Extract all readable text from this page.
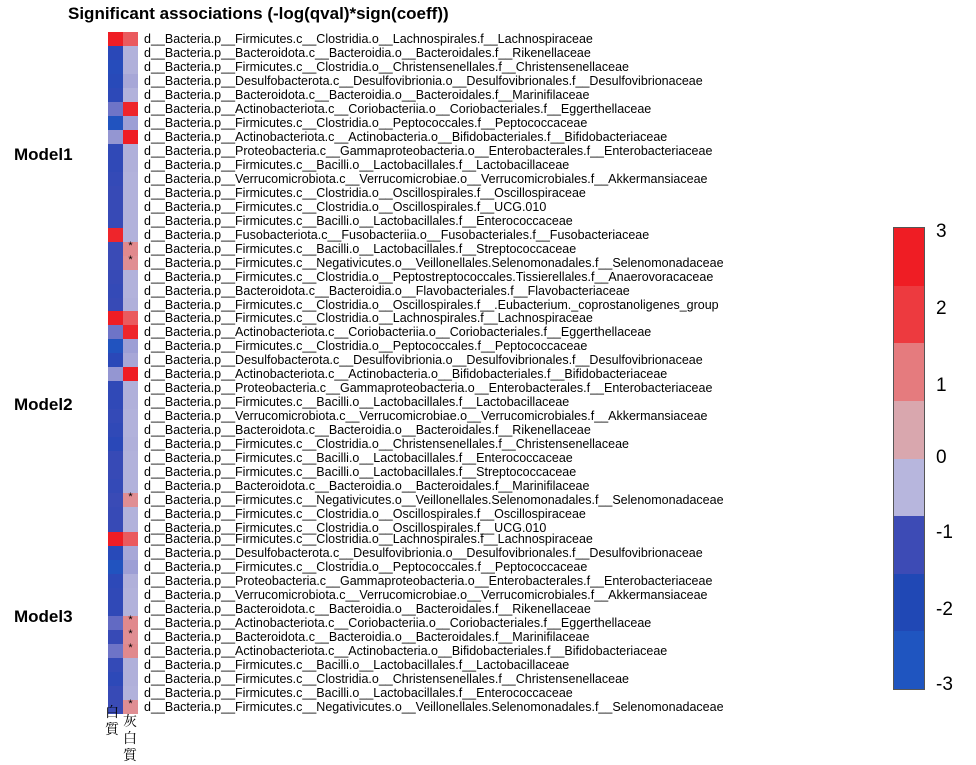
Significant associations (-log(qval)*sign(coeff))
Model1
Model2
Model3
d__Bacteria.p__Firmicutes.c__Clostridia.o__Lachnospirales.f__Lachnospiraceae
d__Bacteria.p__Bacteroidota.c__Bacteroidia.o__Bacteroidales.f__Rikenellaceae
d__Bacteria.p__Firmicutes.c__Clostridia.o__Christensenellales.f__Christensenellaceae
d__Bacteria.p__Desulfobacterota.c__Desulfovibrionia.o__Desulfovibrionales.f__Desulfovibrionaceae
d__Bacteria.p__Bacteroidota.c__Bacteroidia.o__Bacteroidales.f__Marinifilaceae
d__Bacteria.p__Actinobacteriota.c__Coriobacteriia.o__Coriobacteriales.f__Eggerthellaceae
d__Bacteria.p__Firmicutes.c__Clostridia.o__Peptococcales.f__Peptococcaceae
d__Bacteria.p__Actinobacteriota.c__Actinobacteria.o__Bifidobacteriales.f__Bifidobacteriaceae
d__Bacteria.p__Proteobacteria.c__Gammaproteobacteria.o__Enterobacterales.f__Enterobacteriaceae
d__Bacteria.p__Firmicutes.c__Bacilli.o__Lactobacillales.f__Lactobacillaceae
d__Bacteria.p__Verrucomicrobiota.c__Verrucomicrobiae.o__Verrucomicrobiales.f__Akkermansiaceae
d__Bacteria.p__Firmicutes.c__Clostridia.o__Oscillospirales.f__Oscillospiraceae
d__Bacteria.p__Firmicutes.c__Clostridia.o__Oscillospirales.f__UCG.010
d__Bacteria.p__Firmicutes.c__Bacilli.o__Lactobacillales.f__Enterococcaceae
d__Bacteria.p__Fusobacteriota.c__Fusobacteriia.o__Fusobacteriales.f__Fusobacteriaceae
*
d__Bacteria.p__Firmicutes.c__Bacilli.o__Lactobacillales.f__Streptococcaceae
*
d__Bacteria.p__Firmicutes.c__Negativicutes.o__Veillonellales.Selenomonadales.f__Selenomonadaceae
d__Bacteria.p__Firmicutes.c__Clostridia.o__Peptostreptococcales.Tissierellales.f__Anaerovoracaceae
d__Bacteria.p__Bacteroidota.c__Bacteroidia.o__Flavobacteriales.f__Flavobacteriaceae
d__Bacteria.p__Firmicutes.c__Clostridia.o__Oscillospirales.f__.Eubacterium._coprostanoligenes_group
d__Bacteria.p__Firmicutes.c__Clostridia.o__Lachnospirales.f__Lachnospiraceae
d__Bacteria.p__Actinobacteriota.c__Coriobacteriia.o__Coriobacteriales.f__Eggerthellaceae
d__Bacteria.p__Firmicutes.c__Clostridia.o__Peptococcales.f__Peptococcaceae
d__Bacteria.p__Desulfobacterota.c__Desulfovibrionia.o__Desulfovibrionales.f__Desulfovibrionaceae
d__Bacteria.p__Actinobacteriota.c__Actinobacteria.o__Bifidobacteriales.f__Bifidobacteriaceae
d__Bacteria.p__Proteobacteria.c__Gammaproteobacteria.o__Enterobacterales.f__Enterobacteriaceae
d__Bacteria.p__Firmicutes.c__Bacilli.o__Lactobacillales.f__Lactobacillaceae
d__Bacteria.p__Verrucomicrobiota.c__Verrucomicrobiae.o__Verrucomicrobiales.f__Akkermansiaceae
d__Bacteria.p__Bacteroidota.c__Bacteroidia.o__Bacteroidales.f__Rikenellaceae
d__Bacteria.p__Firmicutes.c__Clostridia.o__Christensenellales.f__Christensenellaceae
d__Bacteria.p__Firmicutes.c__Bacilli.o__Lactobacillales.f__Enterococcaceae
d__Bacteria.p__Firmicutes.c__Bacilli.o__Lactobacillales.f__Streptococcaceae
d__Bacteria.p__Bacteroidota.c__Bacteroidia.o__Bacteroidales.f__Marinifilaceae
*
d__Bacteria.p__Firmicutes.c__Negativicutes.o__Veillonellales.Selenomonadales.f__Selenomonadaceae
d__Bacteria.p__Firmicutes.c__Clostridia.o__Oscillospirales.f__Oscillospiraceae
d__Bacteria.p__Firmicutes.c__Clostridia.o__Oscillospirales.f__UCG.010
d__Bacteria.p__Firmicutes.c__Clostridia.o__Lachnospirales.f__Lachnospiraceae
d__Bacteria.p__Desulfobacterota.c__Desulfovibrionia.o__Desulfovibrionales.f__Desulfovibrionaceae
d__Bacteria.p__Firmicutes.c__Clostridia.o__Peptococcales.f__Peptococcaceae
d__Bacteria.p__Proteobacteria.c__Gammaproteobacteria.o__Enterobacterales.f__Enterobacteriaceae
d__Bacteria.p__Verrucomicrobiota.c__Verrucomicrobiae.o__Verrucomicrobiales.f__Akkermansiaceae
d__Bacteria.p__Bacteroidota.c__Bacteroidia.o__Bacteroidales.f__Rikenellaceae
*
d__Bacteria.p__Actinobacteriota.c__Coriobacteriia.o__Coriobacteriales.f__Eggerthellaceae
*
d__Bacteria.p__Bacteroidota.c__Bacteroidia.o__Bacteroidales.f__Marinifilaceae
*
d__Bacteria.p__Actinobacteriota.c__Actinobacteria.o__Bifidobacteriales.f__Bifidobacteriaceae
d__Bacteria.p__Firmicutes.c__Bacilli.o__Lactobacillales.f__Lactobacillaceae
d__Bacteria.p__Firmicutes.c__Clostridia.o__Christensenellales.f__Christensenellaceae
d__Bacteria.p__Firmicutes.c__Bacilli.o__Lactobacillales.f__Enterococcaceae
*
d__Bacteria.p__Firmicutes.c__Negativicutes.o__Veillonellales.Selenomonadales.f__Selenomonadaceae
3
2
1
0
-1
-2
-3
白質 灰白質
